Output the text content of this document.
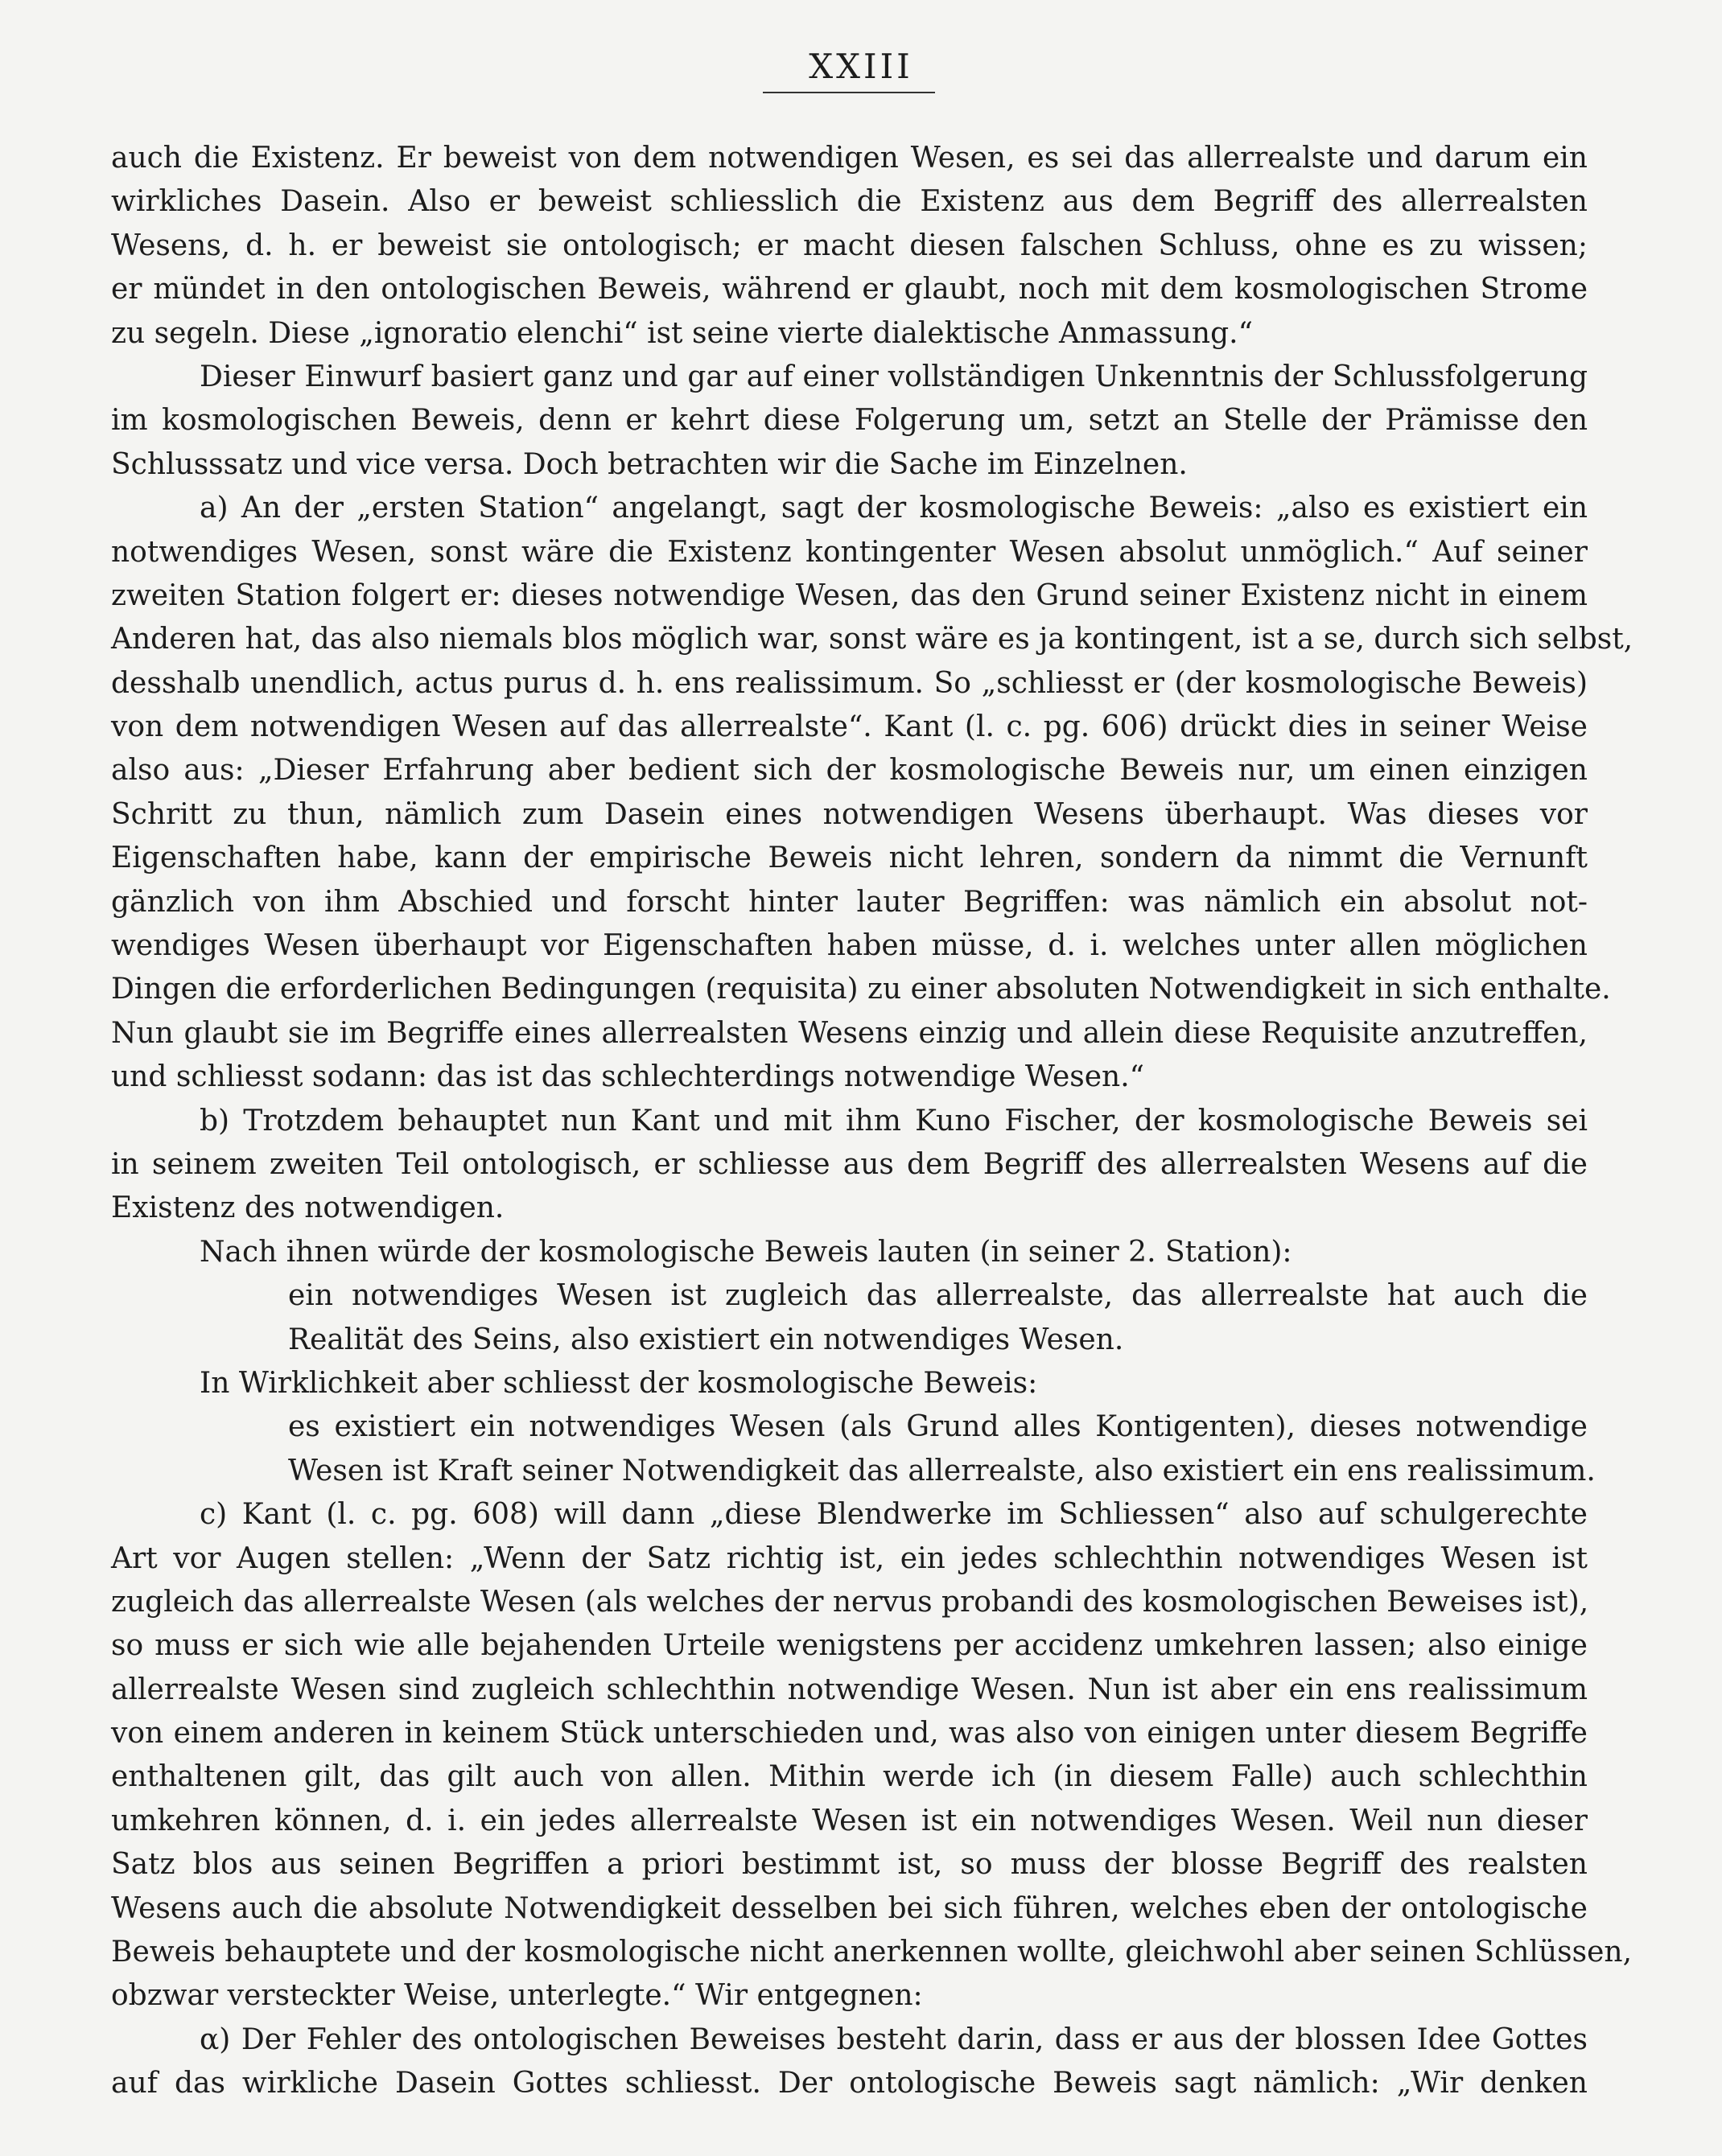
XXIII
auch die Existenz. Er beweist von dem notwendigen Wesen, es sei das allerrealste und darum ein
wirkliches Dasein. Also er beweist schliesslich die Existenz aus dem Begriff des allerrealsten
Wesens, d. h. er beweist sie ontologisch; er macht diesen falschen Schluss, ohne es zu wissen;
er mündet in den ontologischen Beweis, während er glaubt, noch mit dem kosmologischen Strome
zu segeln. Diese „ignoratio elenchi“ ist seine vierte dialektische Anmassung.“
Dieser Einwurf basiert ganz und gar auf einer vollständigen Unkenntnis der Schlussfolgerung
im kosmologischen Beweis, denn er kehrt diese Folgerung um, setzt an Stelle der Prämisse den
Schlusssatz und vice versa. Doch betrachten wir die Sache im Einzelnen.
a) An der „ersten Station“ angelangt, sagt der kosmologische Beweis: „also es existiert ein
notwendiges Wesen, sonst wäre die Existenz kontingenter Wesen absolut unmöglich.“ Auf seiner
zweiten Station folgert er: dieses notwendige Wesen, das den Grund seiner Existenz nicht in einem
Anderen hat, das also niemals blos möglich war, sonst wäre es ja kontingent, ist a se, durch sich selbst,
desshalb unendlich, actus purus d. h. ens realissimum. So „schliesst er (der kosmologische Beweis)
von dem notwendigen Wesen auf das allerrealste“. Kant (l. c. pg. 606) drückt dies in seiner Weise
also aus: „Dieser Erfahrung aber bedient sich der kosmologische Beweis nur, um einen einzigen
Schritt zu thun, nämlich zum Dasein eines notwendigen Wesens überhaupt. Was dieses vor
Eigenschaften habe, kann der empirische Beweis nicht lehren, sondern da nimmt die Vernunft
gänzlich von ihm Abschied und forscht hinter lauter Begriffen: was nämlich ein absolut not-
wendiges Wesen überhaupt vor Eigenschaften haben müsse, d. i. welches unter allen möglichen
Dingen die erforderlichen Bedingungen (requisita) zu einer absoluten Notwendigkeit in sich enthalte.
Nun glaubt sie im Begriffe eines allerrealsten Wesens einzig und allein diese Requisite anzutreffen,
und schliesst sodann: das ist das schlechterdings notwendige Wesen.“
b) Trotzdem behauptet nun Kant und mit ihm Kuno Fischer, der kosmologische Beweis sei
in seinem zweiten Teil ontologisch, er schliesse aus dem Begriff des allerrealsten Wesens auf die
Existenz des notwendigen.
Nach ihnen würde der kosmologische Beweis lauten (in seiner 2. Station):
ein notwendiges Wesen ist zugleich das allerrealste, das allerrealste hat auch die
Realität des Seins, also existiert ein notwendiges Wesen.
In Wirklichkeit aber schliesst der kosmologische Beweis:
es existiert ein notwendiges Wesen (als Grund alles Kontigenten), dieses notwendige
Wesen ist Kraft seiner Notwendigkeit das allerrealste, also existiert ein ens realissimum.
c) Kant (l. c. pg. 608) will dann „diese Blendwerke im Schliessen“ also auf schulgerechte
Art vor Augen stellen: „Wenn der Satz richtig ist, ein jedes schlechthin notwendiges Wesen ist
zugleich das allerrealste Wesen (als welches der nervus probandi des kosmologischen Beweises ist),
so muss er sich wie alle bejahenden Urteile wenigstens per accidenz umkehren lassen; also einige
allerrealste Wesen sind zugleich schlechthin notwendige Wesen. Nun ist aber ein ens realissimum
von einem anderen in keinem Stück unterschieden und, was also von einigen unter diesem Begriffe
enthaltenen gilt, das gilt auch von allen. Mithin werde ich (in diesem Falle) auch schlechthin
umkehren können, d. i. ein jedes allerrealste Wesen ist ein notwendiges Wesen. Weil nun dieser
Satz blos aus seinen Begriffen a priori bestimmt ist, so muss der blosse Begriff des realsten
Wesens auch die absolute Notwendigkeit desselben bei sich führen, welches eben der ontologische
Beweis behauptete und der kosmologische nicht anerkennen wollte, gleichwohl aber seinen Schlüssen,
obzwar versteckter Weise, unterlegte.“ Wir entgegnen:
α) Der Fehler des ontologischen Beweises besteht darin, dass er aus der blossen Idee Gottes
auf das wirkliche Dasein Gottes schliesst. Der ontologische Beweis sagt nämlich: „Wir denken
